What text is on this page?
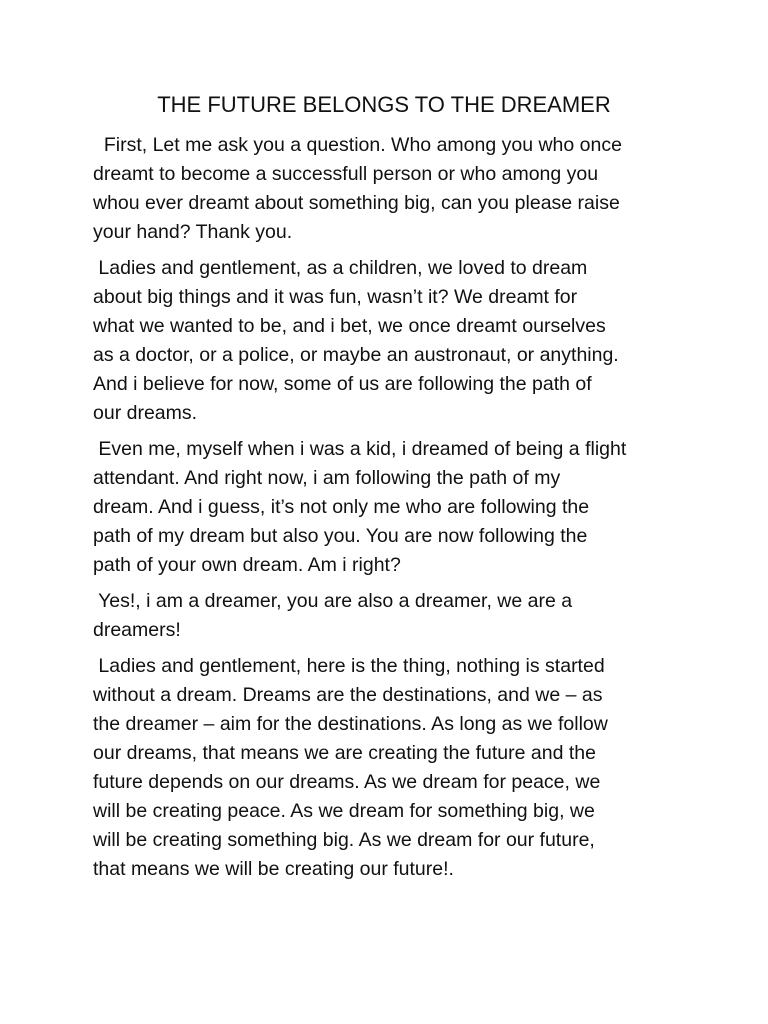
THE FUTURE BELONGS TO THE DREAMER

First, Let me ask you a question. Who among you who once
dreamt to become a successfull person or who among you
whou ever dreamt about something big, can you please raise
your hand? Thank you.

Ladies and gentlement, as a children, we loved to dream
about big things and it was fun, wasn’t it? We dreamt for
what we wanted to be, and i bet, we once dreamt ourselves
as a doctor, or a police, or maybe an austronaut, or anything.
And i believe for now, some of us are following the path of
our dreams.

Even me, myself when i was a kid, i dreamed of being a flight
attendant. And right now, i am following the path of my
dream. And i guess, it’s not only me who are following the
path of my dream but also you. You are now following the
path of your own dream. Am i right?

Yes!, i am a dreamer, you are also a dreamer, we are a
dreamers!

Ladies and gentlement, here is the thing, nothing is started
without a dream. Dreams are the destinations, and we – as
the dreamer – aim for the destinations. As long as we follow
our dreams, that means we are creating the future and the
future depends on our dreams. As we dream for peace, we
will be creating peace. As we dream for something big, we
will be creating something big. As we dream for our future,
that means we will be creating our future!.
